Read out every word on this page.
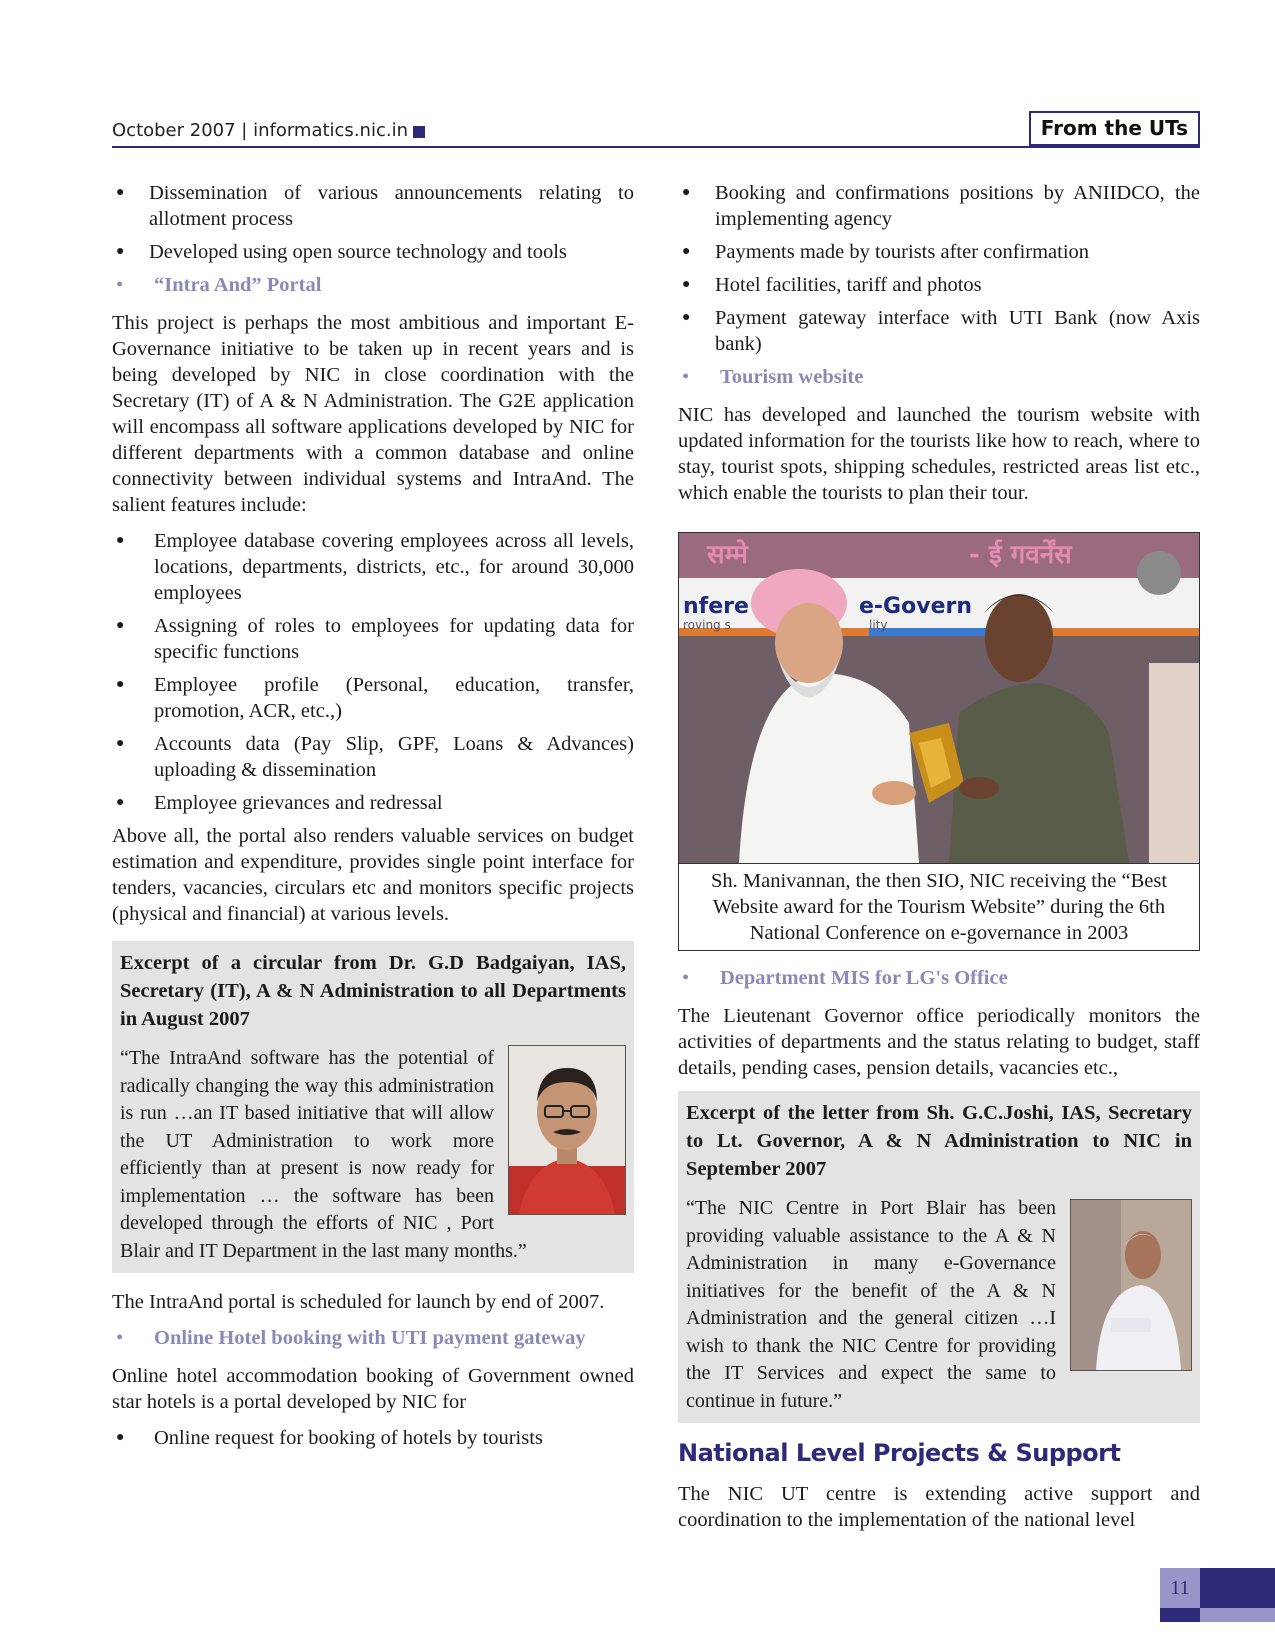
October 2007 | informatics.nic.in	From the UTs
● Dissemination of various announcements relating to allotment process
● Developed using open source technology and tools
• “Intra And” Portal

This project is perhaps the most ambitious and important E-Governance initiative to be taken up in recent years and is being developed by NIC in close coordination with the Secretary (IT) of A & N Administration. The G2E application will encompass all software applications developed by NIC for different departments with a common database and online connectivity between individual systems and IntraAnd. The salient features include:

● Employee database covering employees across all levels, locations, departments, districts, etc., for around 30,000 employees
● Assigning of roles to employees for updating data for specific functions
● Employee profile (Personal, education, transfer, promotion, ACR, etc.,)
● Accounts data (Pay Slip, GPF, Loans & Advances) uploading & dissemination
● Employee grievances and redressal

Above all, the portal also renders valuable services on budget estimation and expenditure, provides single point interface for tenders, vacancies, circulars etc and monitors specific projects (physical and financial) at various levels.

Excerpt of a circular from Dr. G.D Badgaiyan, IAS, Secretary (IT), A & N Administration to all Departments in August 2007
“The IntraAnd software has the potential of radically changing the way this administration is run …an IT based initiative that will allow the UT Administration to work more efficiently than at present is now ready for implementation … the software has been developed through the efforts of NIC , Port Blair and IT Department in the last many months.”

The IntraAnd portal is scheduled for launch by end of 2007.

• Online Hotel booking with UTI payment gateway

Online hotel accommodation booking of Government owned star hotels is a portal developed by NIC for

● Online request for booking of hotels by tourists
● Booking and confirmations positions by ANIIDCO, the implementing agency
● Payments made by tourists after confirmation
● Hotel facilities, tariff and photos
● Payment gateway interface with UTI Bank (now Axis bank)
• Tourism website

NIC has developed and launched the tourism website with updated information for the tourists like how to reach, where to stay, tourist spots, shipping schedules, restricted areas list etc., which enable the tourists to plan their tour.

सम्मे	- ई गवर्नेंस
nfere	e-Govern
roving s	lity
Sh. Manivannan, the then SIO, NIC receiving the “Best Website award for the Tourism Website” during the 6th National Conference on e-governance in 2003
• Department MIS for LG's Office

The Lieutenant Governor office periodically monitors the activities of departments and the status relating to budget, staff details, pending cases, pension details, vacancies etc.,

Excerpt of the letter from Sh. G.C.Joshi, IAS, Secretary to Lt. Governor, A & N Administration to NIC in September 2007
“The NIC Centre in Port Blair has been providing valuable assistance to the A & N Administration in many e-Governance initiatives for the benefit of the A & N Administration and the general citizen …I wish to thank the NIC Centre for providing the IT Services and expect the same to continue in future.”
National Level Projects & Support

The NIC UT centre is extending active support and coordination to the implementation of the national level

11
